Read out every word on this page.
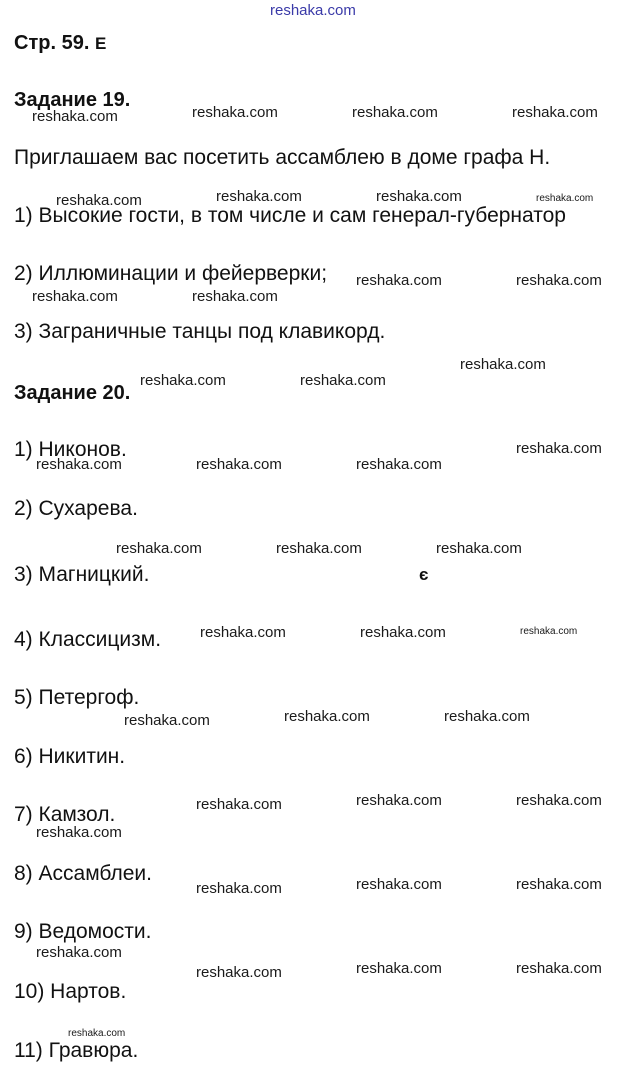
reshaka.com
Стр. 59. E
Задание 19.
Приглашаем вас посетить ассамблею в доме графа Н.
1) Высокие гости, в том числе и сам генерал-губернатор
2) Иллюминации и фейерверки;
3) Заграничные танцы под клавикорд.
Задание 20.
1) Никонов.
2) Сухарева.
3) Магницкий.	є
4) Классицизм.
5) Петергоф.
6) Никитин.
7) Камзол.
8) Ассамблеи.
9) Ведомости.
10) Нартов.
11) Гравюра.
reshaka.com	reshaka.com	reshaka.com	reshaka.com
reshaka.com	reshaka.com	reshaka.com	reshaka.com
reshaka.com	reshaka.com
reshaka.com	reshaka.com
reshaka.com
reshaka.com	reshaka.com
reshaka.com
reshaka.com	reshaka.com	reshaka.com
reshaka.com	reshaka.com	reshaka.com
reshaka.com	reshaka.com	reshaka.com
reshaka.com	reshaka.com
reshaka.com
reshaka.com	reshaka.com
reshaka.com
reshaka.com
reshaka.com	reshaka.com
reshaka.com
reshaka.com
reshaka.com	reshaka.com
reshaka.com
reshaka.com
